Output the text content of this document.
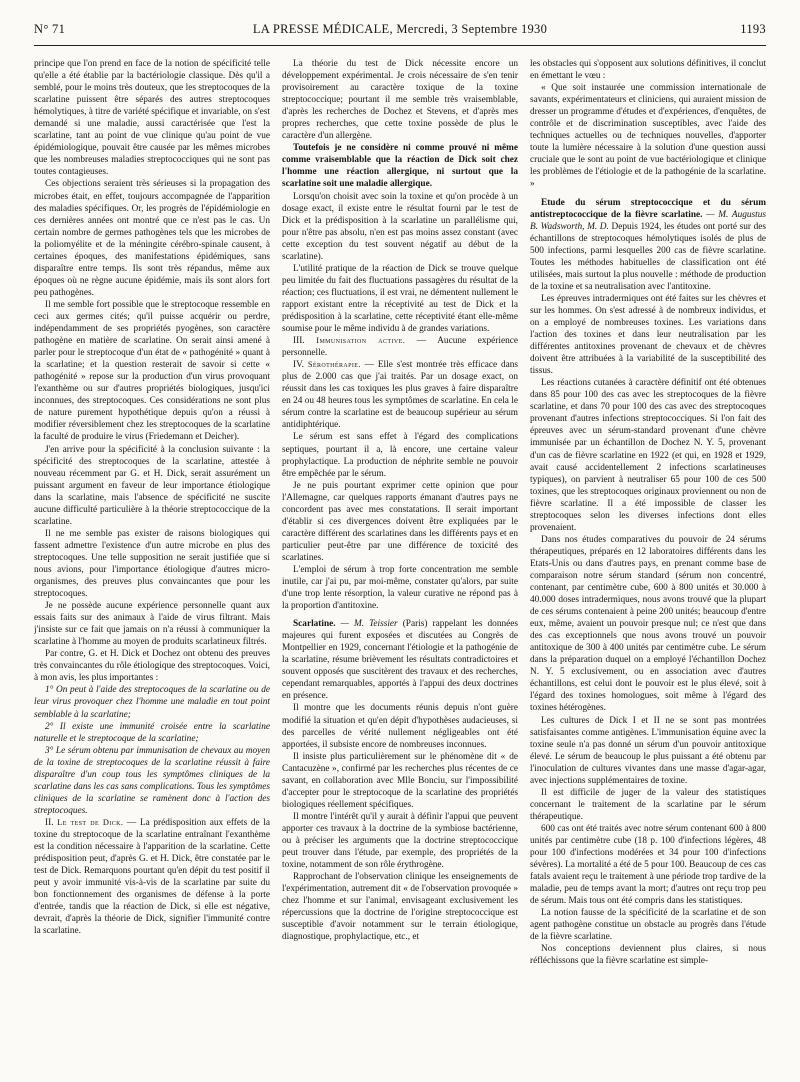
N° 71	LA PRESSE MÉDICALE, Mercredi, 3 Septembre 1930	1193

principe que l'on prend en face de la notion de spécificité telle qu'elle a été établie par la bactériologie classique. Dès qu'il a semblé, pour le moins très douteux, que les streptocoques de la scarlatine puissent être séparés des autres streptocoques hémolytiques, à titre de variété spécifique et invariable, on s'est demandé si une maladie, aussi caractérisée que l'est la scarlatine, tant au point de vue clinique qu'au point de vue épidémiologique, pouvait être causée par les mêmes microbes que les nombreuses maladies streptococciques qui ne sont pas toutes contagieuses.

Ces objections seraient très sérieuses si la propagation des microbes était, en effet, toujours accompagnée de l'apparition des maladies spécifiques. Or, les progrès de l'épidémiologie en ces dernières années ont montré que ce n'est pas le cas. Un certain nombre de germes pathogènes tels que les microbes de la poliomyélite et de la méningite cérébro-spinale causent, à certaines époques, des manifestations épidémiques, sans disparaître entre temps. Ils sont très répandus, même aux époques où ne règne aucune épidémie, mais ils sont alors fort peu pathogènes.

Il me semble fort possible que le streptocoque ressemble en ceci aux germes cités; qu'il puisse acquérir ou perdre, indépendamment de ses propriétés pyogènes, son caractère pathogène en matière de scarlatine. On serait ainsi amené à parler pour le streptocoque d'un état de « pathogénité » quant à la scarlatine; et la question resterait de savoir si cette « pathogénité » repose sur la production d'un virus provoquant l'exanthème ou sur d'autres propriétés biologiques, jusqu'ici inconnues, des streptocoques. Ces considérations ne sont plus de nature purement hypothétique depuis qu'on a réussi à modifier réversiblement chez les streptocoques de la scarlatine la faculté de produire le virus (Friedemann et Deicher).

J'en arrive pour la spécificité à la conclusion suivante : la spécificité des streptocoques de la scarlatine, attestée à nouveau récemment par G. et H. Dick, serait assurément un puissant argument en faveur de leur importance étiologique dans la scarlatine, mais l'absence de spécificité ne suscite aucune difficulté particulière à la théorie streptococcique de la scarlatine.

Il ne me semble pas exister de raisons biologiques qui fassent admettre l'existence d'un autre microbe en plus des streptocoques. Une telle supposition ne serait justifiée que si nous avions, pour l'importance étiologique d'autres micro-organismes, des preuves plus convaincantes que pour les streptocoques.

Je ne possède aucune expérience personnelle quant aux essais faits sur des animaux à l'aide de virus filtrant. Mais j'insiste sur ce fait que jamais on n'a réussi à communiquer la scarlatine à l'homme au moyen de produits scarlatineux filtrés.

Par contre, G. et H. Dick et Dochez ont obtenu des preuves très convaincantes du rôle étiologique des streptocoques. Voici, à mon avis, les plus importantes :

1° On peut à l'aide des streptocoques de la scarlatine ou de leur virus provoquer chez l'homme une maladie en tout point semblable à la scarlatine;

2° Il existe une immunité croisée entre la scarlatine naturelle et le streptocoque de la scarlatine;

3° Le sérum obtenu par immunisation de chevaux au moyen de la toxine de streptocoques de la scarlatine réussit à faire disparaître d'un coup tous les symptômes cliniques de la scarlatine dans les cas sans complications. Tous les symptômes cliniques de la scarlatine se ramènent donc à l'action des streptocoques.

II. Le test de Dick. — La prédisposition aux effets de la toxine du streptocoque de la scarlatine entraînant l'exanthème est la condition nécessaire à l'apparition de la scarlatine. Cette prédisposition peut, d'après G. et H. Dick, être constatée par le test de Dick. Remarquons pourtant qu'en dépit du test positif il peut y avoir immunité vis-à-vis de la scarlatine par suite du bon fonctionnement des organismes de défense à la porte d'entrée, tandis que la réaction de Dick, si elle est négative, devrait, d'après la théorie de Dick, signifier l'immunité contre la scarlatine.

La théorie du test de Dick nécessite encore un développement expérimental. Je crois nécessaire de s'en tenir provisoirement au caractère toxique de la toxine streptococcique; pourtant il me semble très vraisemblable, d'après les recherches de Dochez et Stevens, et d'après mes propres recherches, que cette toxine possède de plus le caractère d'un allergène.

Toutefois je ne considère ni comme prouvé ni même comme vraisemblable que la réaction de Dick soit chez l'homme une réaction allergique, ni surtout que la scarlatine soit une maladie allergique.

Lorsqu'on choisit avec soin la toxine et qu'on procède à un dosage exact, il existe entre le résultat fourni par le test de Dick et la prédisposition à la scarlatine un parallélisme qui, pour n'être pas absolu, n'en est pas moins assez constant (avec cette exception du test souvent négatif au début de la scarlatine).

L'utilité pratique de la réaction de Dick se trouve quelque peu limitée du fait des fluctuations passagères du résultat de la réaction; ces fluctuations, il est vrai, ne démentent nullement le rapport existant entre la réceptivité au test de Dick et la prédisposition à la scarlatine, cette réceptivité étant elle-même soumise pour le même individu à de grandes variations.

III. Immunisation active. — Aucune expérience personnelle.

IV. Sérothérapie. — Elle s'est montrée très efficace dans plus de 2.000 cas que j'ai traités. Par un dosage exact, on réussit dans les cas toxiques les plus graves à faire disparaître en 24 ou 48 heures tous les symptômes de scarlatine. En cela le sérum contre la scarlatine est de beaucoup supérieur au sérum antidiphtérique.

Le sérum est sans effet à l'égard des complications septiques, pourtant il a, là encore, une certaine valeur prophylactique. La production de néphrite semble ne pouvoir être empêchée par le sérum.

Je ne puis pourtant exprimer cette opinion que pour l'Allemagne, car quelques rapports émanant d'autres pays ne concordent pas avec mes constatations. Il serait important d'établir si ces divergences doivent être expliquées par le caractère différent des scarlatines dans les différents pays et en particulier peut-être par une différence de toxicité des scarlatines.

L'emploi de sérum à trop forte concentration me semble inutile, car j'ai pu, par moi-même, constater qu'alors, par suite d'une trop lente résorption, la valeur curative ne répond pas à la proportion d'antitoxine.

Scarlatine. — M. Teissier (Paris) rappelant les données majeures qui furent exposées et discutées au Congrès de Montpellier en 1929, concernant l'étiologie et la pathogénie de la scarlatine, résume brièvement les résultats contradictoires et souvent opposés que suscitèrent des travaux et des recherches, cependant remarquables, apportés à l'appui des deux doctrines en présence.

Il montre que les documents réunis depuis n'ont guère modifié la situation et qu'en dépit d'hypothèses audacieuses, si des parcelles de vérité nullement négligeables ont été apportées, il subsiste encore de nombreuses inconnues.

Il insiste plus particulièrement sur le phénomène dit « de Cantacuzène », confirmé par les recherches plus récentes de ce savant, en collaboration avec Mlle Bonciu, sur l'impossibilité d'accepter pour le streptocoque de la scarlatine des propriétés biologiques réellement spécifiques.

Il montre l'intérêt qu'il y aurait à définir l'appui que peuvent apporter ces travaux à la doctrine de la symbiose bactérienne, ou à préciser les arguments que la doctrine streptococcique peut trouver dans l'étude, par exemple, des propriétés de la toxine, notamment de son rôle érythrogène.

Rapprochant de l'observation clinique les enseignements de l'expérimentation, autrement dit « de l'observation provoquée » chez l'homme et sur l'animal, envisageant exclusivement les répercussions que la doctrine de l'origine streptococcique est susceptible d'avoir notamment sur le terrain étiologique, diagnostique, prophylactique, etc., et

les obstacles qui s'opposent aux solutions définitives, il conclut en émettant le vœu :

« Que soit instaurée une commission internationale de savants, expérimentateurs et cliniciens, qui auraient mission de dresser un programme d'études et d'expériences, d'enquêtes, de contrôle et de discrimination susceptibles, avec l'aide des techniques actuelles ou de techniques nouvelles, d'apporter toute la lumière nécessaire à la solution d'une question aussi cruciale que le sont au point de vue bactériologique et clinique les problèmes de l'étiologie et de la pathogénie de la scarlatine. »

Etude du sérum streptococcique et du sérum antistreptococcique de la fièvre scarlatine. — M. Augustus B. Wadsworth, M. D. Depuis 1924, les études ont porté sur des échantillons de streptocoques hémolytiques isolés de plus de 500 infections, parmi lesquelles 200 cas de fièvre scarlatine. Toutes les méthodes habituelles de classification ont été utilisées, mais surtout la plus nouvelle : méthode de production de la toxine et sa neutralisation avec l'antitoxine.

Les épreuves intradermiques ont été faites sur les chèvres et sur les hommes. On s'est adressé à de nombreux individus, et on a employé de nombreuses toxines. Les variations dans l'action des toxines et dans leur neutralisation par les différentes antitoxines provenant de chevaux et de chèvres doivent être attribuées à la variabilité de la susceptibilité des tissus.

Les réactions cutanées à caractère définitif ont été obtenues dans 85 pour 100 des cas avec les streptocoques de la fièvre scarlatine, et dans 70 pour 100 des cas avec des streptocoques provenant d'autres infections streptococciques. Si l'on fait des épreuves avec un sérum-standard provenant d'une chèvre immunisée par un échantillon de Dochez N. Y. 5, provenant d'un cas de fièvre scarlatine en 1922 (et qui, en 1928 et 1929, avait causé accidentellement 2 infections scarlatineuses typiques), on parvient à neutraliser 65 pour 100 de ces 500 toxines, que les streptocoques originaux proviennent ou non de fièvre scarlatine. Il a été impossible de classer les streptocoques selon les diverses infections dont elles provenaient.

Dans nos études comparatives du pouvoir de 24 sérums thérapeutiques, préparés en 12 laboratoires différents dans les Etats-Unis ou dans d'autres pays, en prenant comme base de comparaison notre sérum standard (sérum non concentré, contenant, par centimètre cube, 600 à 800 unités et 30.000 à 40.000 doses intradermiques, nous avons trouvé que la plupart de ces sérums contenaient à peine 200 unités; beaucoup d'entre eux, même, avaient un pouvoir presque nul; ce n'est que dans des cas exceptionnels que nous avons trouvé un pouvoir antitoxique de 300 à 400 unités par centimètre cube. Le sérum dans la préparation duquel on a employé l'échantillon Dochez N. Y. 5 exclusivement, ou en association avec d'autres échantillons, est celui dont le pouvoir est le plus élevé, soit à l'égard des toxines homologues, soit même à l'égard des toxines hétérogènes.

Les cultures de Dick I et II ne se sont pas montrées satisfaisantes comme antigènes. L'immunisation équine avec la toxine seule n'a pas donné un sérum d'un pouvoir antitoxique élevé. Le sérum de beaucoup le plus puissant a été obtenu par l'inoculation de cultures vivantes dans une masse d'agar-agar, avec injections supplémentaires de toxine.

Il est difficile de juger de la valeur des statistiques concernant le traitement de la scarlatine par le sérum thérapeutique.

600 cas ont été traités avec notre sérum contenant 600 à 800 unités par centimètre cube (18 p. 100 d'infections légères, 48 pour 100 d'infections modérées et 34 pour 100 d'infections sévères). La mortalité a été de 5 pour 100. Beaucoup de ces cas fatals avaient reçu le traitement à une période trop tardive de la maladie, peu de temps avant la mort; d'autres ont reçu trop peu de sérum. Mais tous ont été compris dans les statistiques.

La notion fausse de la spécificité de la scarlatine et de son agent pathogène constitue un obstacle au progrès dans l'étude de la fièvre scarlatine.

Nos conceptions deviennent plus claires, si nous réfléchissons que la fièvre scarlatine est simple-
